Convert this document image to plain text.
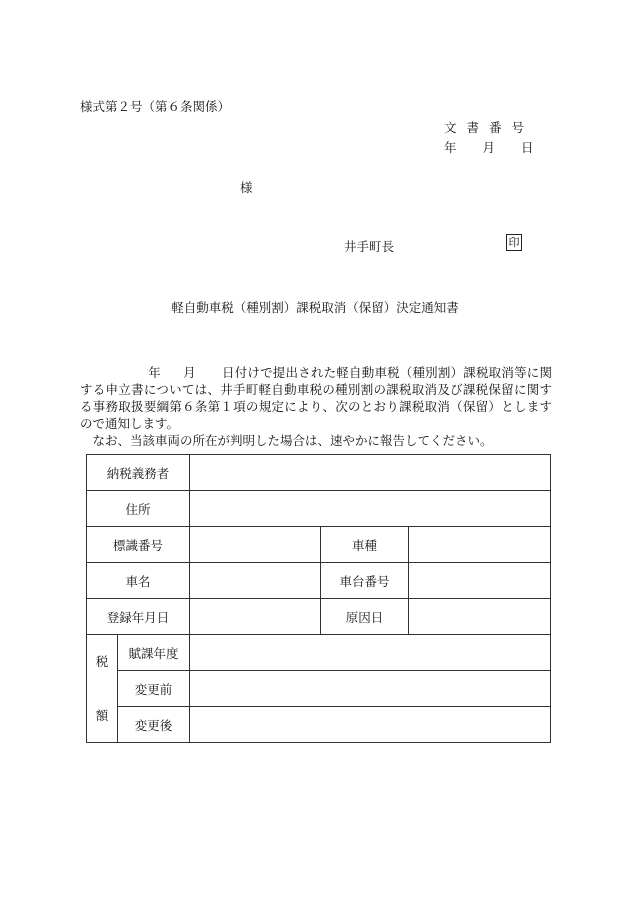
様式第２号（第６条関係）
文書番号
年 月 日
様
井手町長	印
軽自動車税（種別割）課税取消（保留）決定通知書

年 月 日付けで提出された軽自動車税（種別割）課税取消等に関する申立書については、井手町軽自動車税の種別割の課税取消及び課税保留に関する事務取扱要綱第６条第１項の規定により、次のとおり課税取消（保留）としますので通知します。

　なお、当該車両の所在が判明した場合は、速やかに報告してください。

納税義務者				
住所				
標識番号			車種	
車名			車台番号	
登録年月日			原因日	
税

額	賦課年度			
	変更前			
	変更後			
